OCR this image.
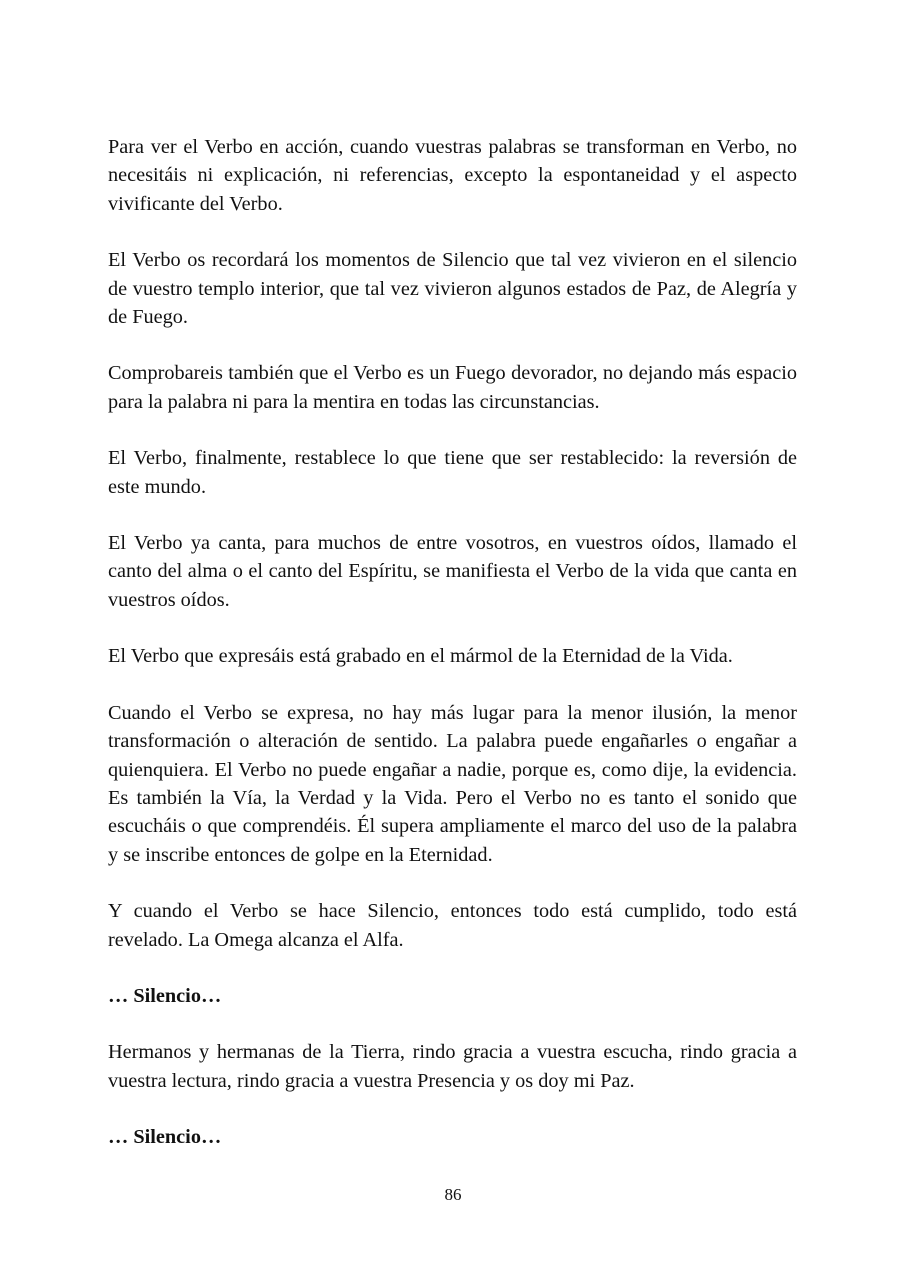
Para ver el Verbo en acción, cuando vuestras palabras se transforman en Verbo, no necesitáis ni explicación, ni referencias, excepto la espontaneidad y el aspecto vivificante del Verbo.

El Verbo os recordará los momentos de Silencio que tal vez vivieron en el silencio de vuestro templo interior, que tal vez vivieron algunos estados de Paz, de Alegría y de Fuego.

Comprobareis también que el Verbo es un Fuego devorador, no dejando más espacio para la palabra ni para la mentira en todas las circunstancias.

El Verbo, finalmente, restablece lo que tiene que ser restablecido: la reversión de este mundo.

El Verbo ya canta, para muchos de entre vosotros, en vuestros oídos, llamado el canto del alma o el canto del Espíritu, se manifiesta el Verbo de la vida que canta en vuestros oídos.

El Verbo que expresáis está grabado en el mármol de la Eternidad de la Vida.

Cuando el Verbo se expresa, no hay más lugar para la menor ilusión, la menor transformación o alteración de sentido. La palabra puede engañarles o engañar a quienquiera. El Verbo no puede engañar a nadie, porque es, como dije, la evidencia. Es también la Vía, la Verdad y la Vida. Pero el Verbo no es tanto el sonido que escucháis o que comprendéis. Él supera ampliamente el marco del uso de la palabra y se inscribe entonces de golpe en la Eternidad.

Y cuando el Verbo se hace Silencio, entonces todo está cumplido, todo está revelado. La Omega alcanza el Alfa.

… Silencio…

Hermanos y hermanas de la Tierra, rindo gracia a vuestra escucha, rindo gracia a vuestra lectura, rindo gracia a vuestra Presencia y os doy mi Paz.

… Silencio…

86
